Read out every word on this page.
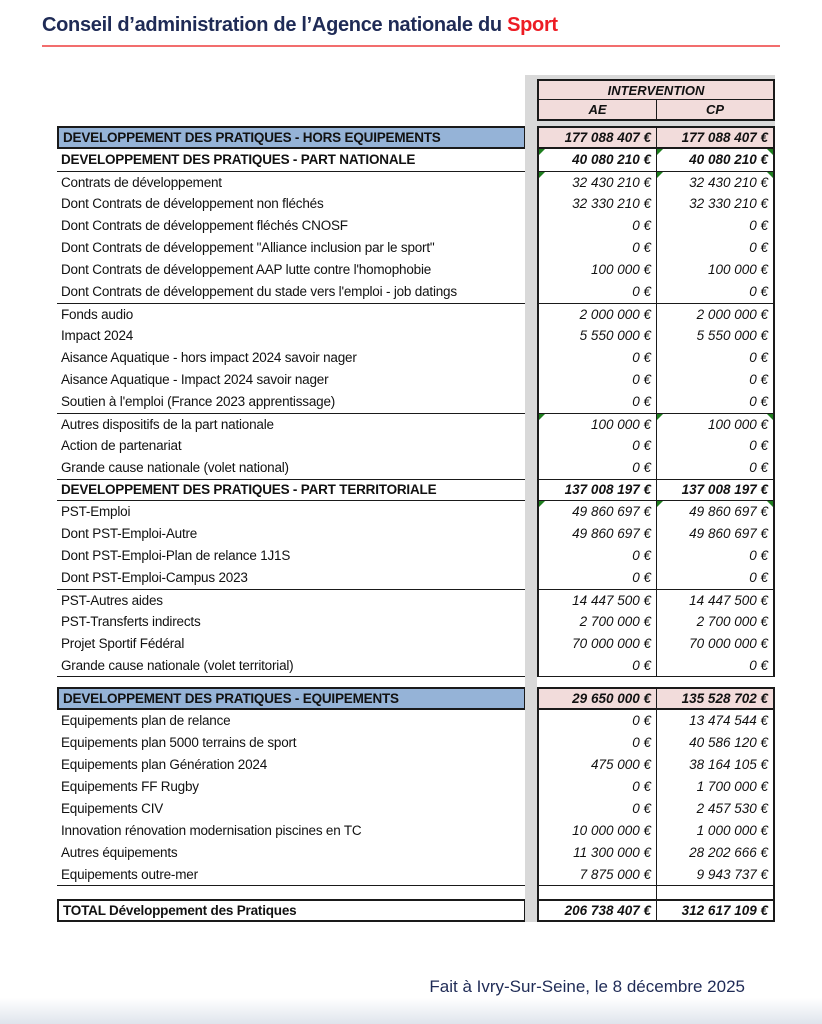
Conseil d’administration de l’Agence nationale du Sport
INTERVENTION
AE	CP
DEVELOPPEMENT DES PRATIQUES - HORS EQUIPEMENTS	177 088 407 €	177 088 407 €
DEVELOPPEMENT DES PRATIQUES - PART NATIONALE	40 080 210 €	40 080 210 €
Contrats de développement	32 430 210 €	32 430 210 €
Dont Contrats de développement non fléchés	32 330 210 €	32 330 210 €
Dont Contrats de développement fléchés CNOSF	0 €	0 €
Dont Contrats de développement "Alliance inclusion par le sport"	0 €	0 €
Dont Contrats de développement AAP lutte contre l'homophobie	100 000 €	100 000 €
Dont Contrats de développement du stade vers l'emploi - job datings	0 €	0 €
Fonds audio	2 000 000 €	2 000 000 €
Impact 2024	5 550 000 €	5 550 000 €
Aisance Aquatique - hors impact 2024 savoir nager	0 €	0 €
Aisance Aquatique - Impact 2024 savoir nager	0 €	0 €
Soutien à l'emploi (France 2023 apprentissage)	0 €	0 €
Autres dispositifs de la part nationale	100 000 €	100 000 €
Action de partenariat	0 €	0 €
Grande cause nationale (volet national)	0 €	0 €
DEVELOPPEMENT DES PRATIQUES - PART TERRITORIALE	137 008 197 €	137 008 197 €
PST-Emploi	49 860 697 €	49 860 697 €
Dont PST-Emploi-Autre	49 860 697 €	49 860 697 €
Dont PST-Emploi-Plan de relance 1J1S	0 €	0 €
Dont PST-Emploi-Campus 2023	0 €	0 €
PST-Autres aides	14 447 500 €	14 447 500 €
PST-Transferts indirects	2 700 000 €	2 700 000 €
Projet Sportif Fédéral	70 000 000 €	70 000 000 €
Grande cause nationale (volet territorial)	0 €	0 €
DEVELOPPEMENT DES PRATIQUES - EQUIPEMENTS	29 650 000 €	135 528 702 €
Equipements plan de relance	0 €	13 474 544 €
Equipements plan 5000 terrains de sport	0 €	40 586 120 €
Equipements plan Génération 2024	475 000 €	38 164 105 €
Equipements FF Rugby	0 €	1 700 000 €
Equipements CIV	0 €	2 457 530 €
Innovation rénovation modernisation piscines en TC	10 000 000 €	1 000 000 €
Autres équipements	11 300 000 €	28 202 666 €
Equipements outre-mer	7 875 000 €	9 943 737 €
TOTAL Développement des Pratiques	206 738 407 €	312 617 109 €
Fait à Ivry-Sur-Seine, le 8 décembre 2025
